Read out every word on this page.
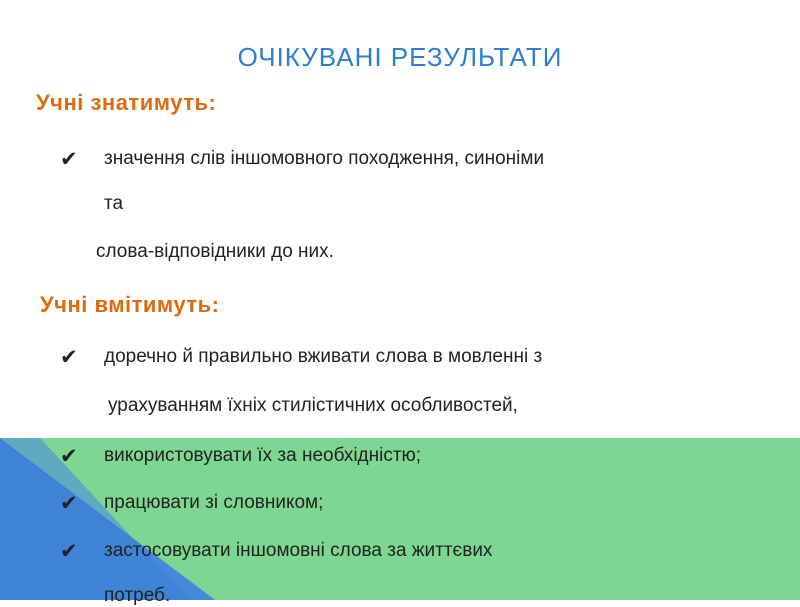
ОЧІКУВАНІ РЕЗУЛЬТАТИ
Учні знатимуть:
✔ значення слів іншомовного походження, синоніми
та
слова-відповідники до них.
Учні вмітимуть:
✔ доречно й правильно вживати слова в мовленні з
урахуванням їхніх стилістичних особливостей,
✔ використовувати їх за необхідністю;
✔ працювати зі словником;
✔ застосовувати іншомовні слова за життєвих
потреб.
